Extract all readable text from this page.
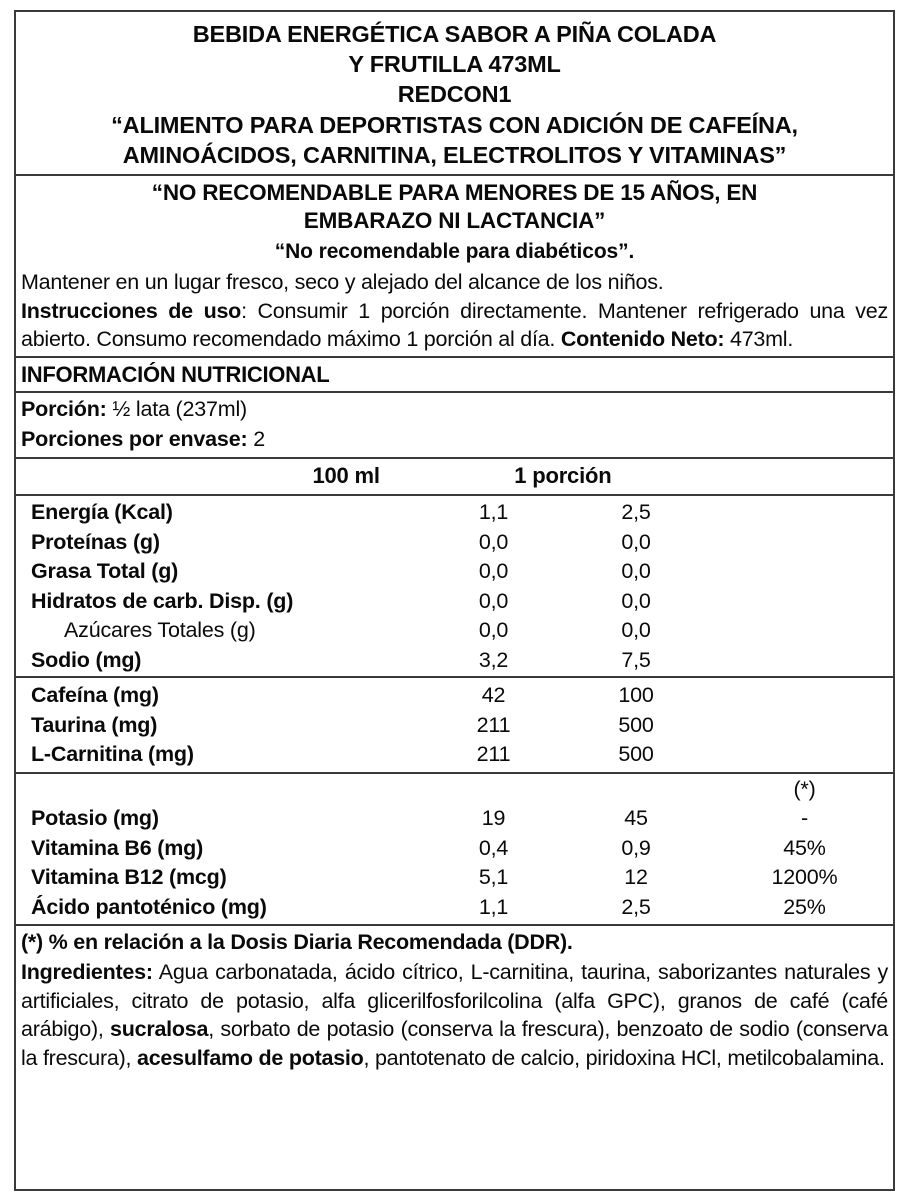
BEBIDA ENERGÉTICA SABOR A PIÑA COLADA
Y FRUTILLA 473ML
REDCON1
“ALIMENTO PARA DEPORTISTAS CON ADICIÓN DE CAFEÍNA,
AMINOÁCIDOS, CARNITINA, ELECTROLITOS Y VITAMINAS”
“NO RECOMENDABLE PARA MENORES DE 15 AÑOS, EN
EMBARAZO NI LACTANCIA”
“No recomendable para diabéticos”.

Mantener en un lugar fresco, seco y alejado del alcance de los niños.

Instrucciones de uso: Consumir 1 porción directamente. Mantener refrigerado una vez abierto. Consumo recomendado máximo 1 porción al día. Contenido Neto: 473ml.

INFORMACIÓN NUTRICIONAL
Porción: ½ lata (237ml)
Porciones por envase: 2
	100 ml	1 porción	
Energía (Kcal)	1,1	2,5	
Proteínas (g)	0,0	0,0	
Grasa Total (g)	0,0	0,0	
Hidratos de carb. Disp. (g)	0,0	0,0	
Azúcares Totales (g)	0,0	0,0	
Sodio (mg)	3,2	7,5	
Cafeína (mg)	42	100	
Taurina (mg)	211	500	
L-Carnitina (mg)	211	500	
			(*)
Potasio (mg)	19	45	-
Vitamina B6 (mg)	0,4	0,9	45%
Vitamina B12 (mcg)	5,1	12	1200%
Ácido pantoténico (mg)	1,1	2,5	25%
(*) % en relación a la Dosis Diaria Recomendada (DDR).

Ingredientes: Agua carbonatada, ácido cítrico, L-carnitina, taurina, saborizantes naturales y artificiales, citrato de potasio, alfa glicerilfosforilcolina (alfa GPC), granos de café (café arábigo), sucralosa, sorbato de potasio (conserva la frescura), benzoato de sodio (conserva la frescura), acesulfamo de potasio, pantotenato de calcio, piridoxina HCl, metilcobalamina.
